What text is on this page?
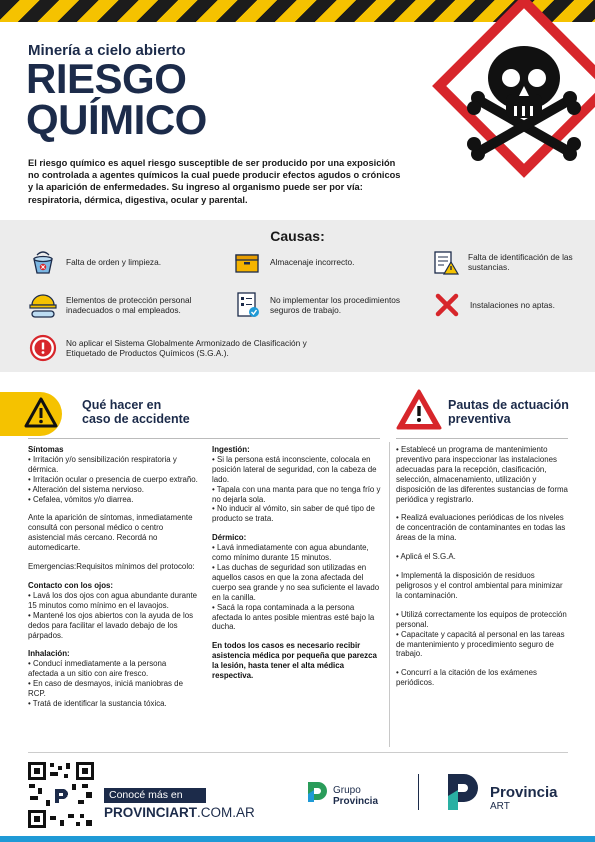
Minería a cielo abierto
RIESGO
QUÍMICO
El riesgo químico es aquel riesgo susceptible de ser producido por una exposición no controlada a agentes químicos la cual puede producir efectos agudos o crónicos y la aparición de enfermedades. Su ingreso al organismo puede ser por vía: respiratoria, dérmica, digestiva, ocular y parental.
Causas:
Falta de orden y limpieza.	Almacenaje incorrecto.
Falta de identificación de las sustancias.
Elementos de protección personal inadecuados o mal empleados.
No implementar los procedimientos seguros de trabajo.
Instalaciones no aptas.
No aplicar el Sistema Globalmente Armonizado de Clasificación y Etiquetado de Productos Químicos (S.G.A.).
Qué hacer en
caso de accidente
Pautas de actuación
preventiva

Síntomas

• Irritación y/o sensibilización respiratoria y dérmica.

• Irritación ocular o presencia de cuerpo extraño.

• Alteración del sistema nervioso.

• Cefalea, vómitos y/o diarrea.

Ante la aparición de síntomas, inmediatamente consultá con personal médico o centro asistencial más cercano. Recordá no automedicarte.

Emergencias:Requisitos mínimos del protocolo:

Contacto con los ojos:

• Lavá los dos ojos con agua abundante durante 15 minutos como mínimo en el lavaojos.

• Mantené los ojos abiertos con la ayuda de los dedos para facilitar el lavado debajo de los párpados.

Inhalación:

• Conducí inmediatamente a la persona afectada a un sitio con aire fresco.

• En caso de desmayos, iniciá maniobras de RCP.

• Tratá de identificar la sustancia tóxica.

Ingestión:

• Si la persona está inconsciente, colocala en posición lateral de seguridad, con la cabeza de lado.

• Tapala con una manta para que no tenga frío y no dejarla sola.

• No inducir al vómito, sin saber de qué tipo de producto se trata.

Dérmico:

• Lavá inmediatamente con agua abundante, como mínimo durante 15 minutos.

• Las duchas de seguridad son utilizadas en aquellos casos en que la zona afectada del cuerpo sea grande y no sea suficiente el lavado en la canilla.

• Sacá la ropa contaminada a la persona afectada lo antes posible mientras esté bajo la ducha.

En todos los casos es necesario recibir asistencia médica por pequeña que parezca la lesión, hasta tener el alta médica respectiva.

• Establecé un programa de mantenimiento preventivo para inspeccionar las instalaciones adecuadas para la recepción, clasificación, selección, almacenamiento, utilización y disposición de las diferentes sustancias de forma periódica y registrarlo.

• Realizá evaluaciones periódicas de los niveles de concentración de contaminantes en todas las áreas de la mina.

• Aplicá el S.G.A.

• Implementá la disposición de residuos peligrosos y el control ambiental para minimizar la contaminación.

• Utilizá correctamente los equipos de protección personal.
• Capacitate y capacitá al personal en las tareas de mantenimiento y procedimiento seguro de trabajo.

• Concurrí a la citación de los exámenes periódicos.

Conocé más en
PROVINCIART.COM.AR
Grupo
Provincia
Provincia
ART
